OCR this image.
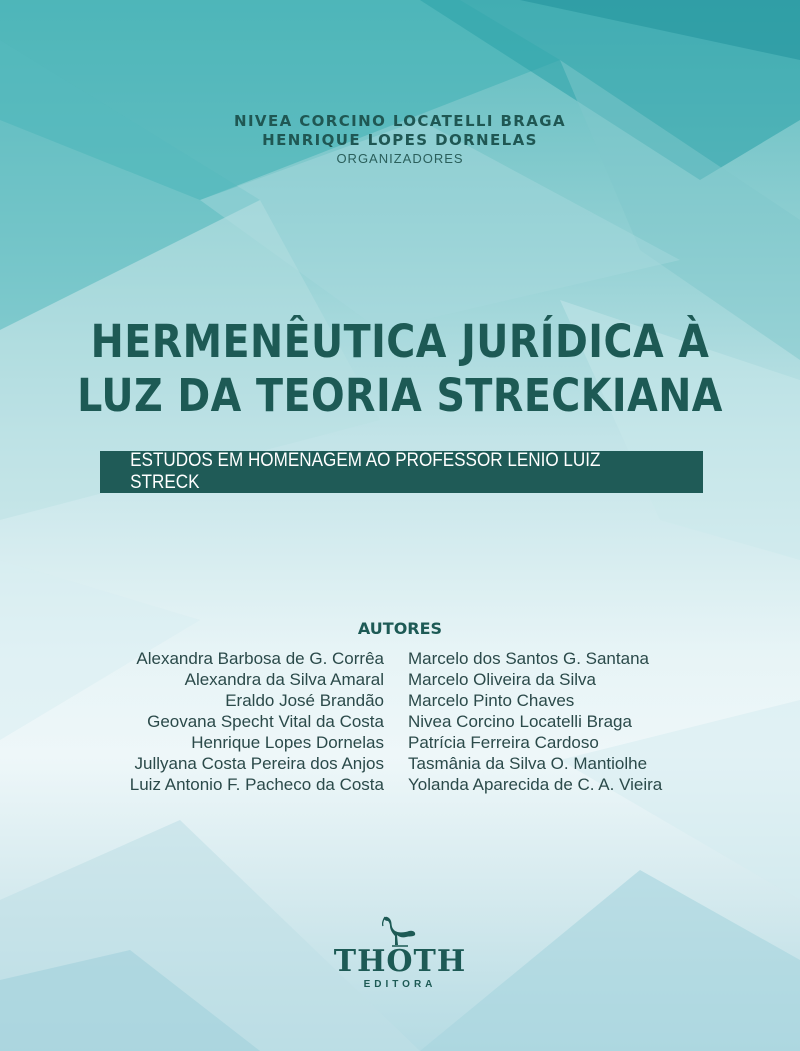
NIVEA CORCINO LOCATELLI BRAGA
HENRIQUE LOPES DORNELAS
ORGANIZADORES
HERMENÊUTICA JURÍDICA À
LUZ DA TEORIA STRECKIANA
ESTUDOS EM HOMENAGEM AO PROFESSOR LENIO LUIZ STRECK
AUTORES
Alexandra Barbosa de G. Corrêa
Alexandra da Silva Amaral
Eraldo José Brandão
Geovana Specht Vital da Costa
Henrique Lopes Dornelas
Jullyana Costa Pereira dos Anjos
Luiz Antonio F. Pacheco da Costa
Marcelo dos Santos G. Santana
Marcelo Oliveira da Silva
Marcelo Pinto Chaves
Nivea Corcino Locatelli Braga
Patrícia Ferreira Cardoso
Tasmânia da Silva O. Mantiolhe
Yolanda Aparecida de C. A. Vieira
THOTH
EDITORA
